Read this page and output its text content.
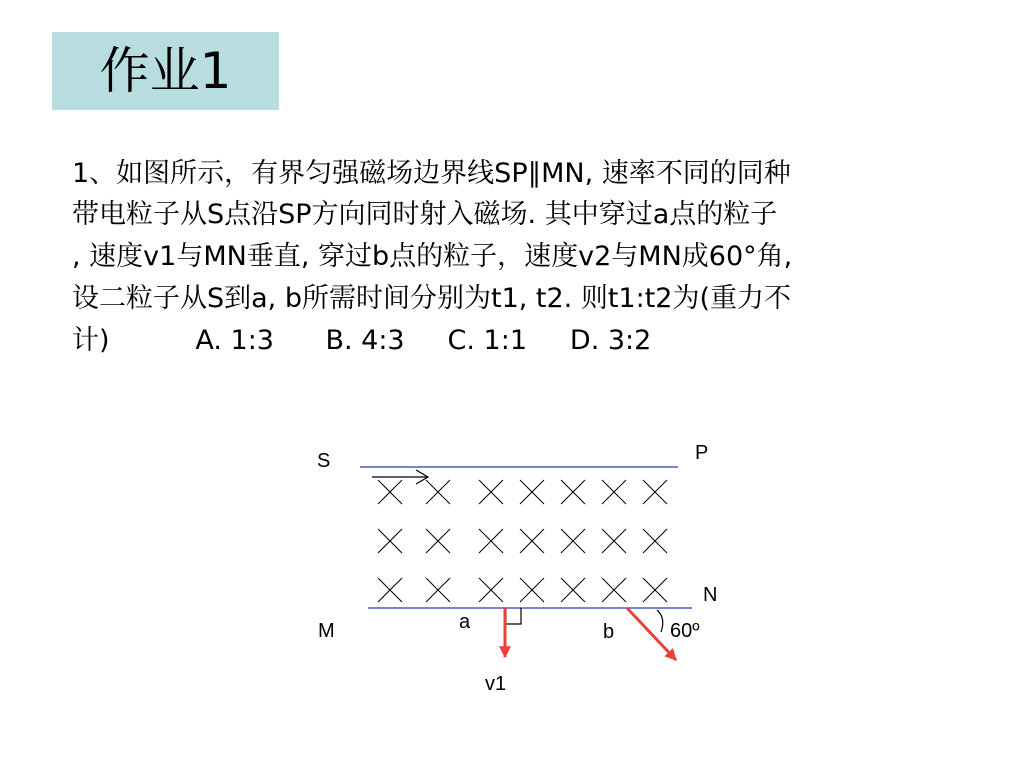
作业1
1、如图所示，有界匀强磁场边界线SP∥MN, 速率不同的同种
带电粒子从S点沿SP方向同时射入磁场. 其中穿过a点的粒子
, 速度v1与MN垂直, 穿过b点的粒子，速度v2与MN成60°角,
设二粒子从S到a, b所需时间分别为t1, t2. 则t1:t2为(重力不
计)          A. 1:3      B. 4:3     C. 1:1     D. 3:2
S	P
M
N
a	b	60º
v1
